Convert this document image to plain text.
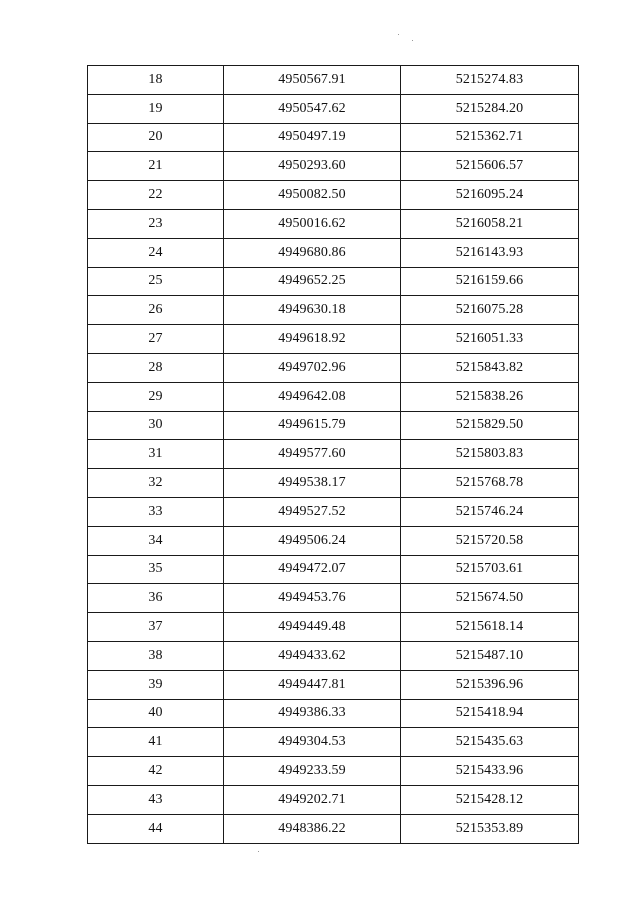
18	4950567.91	5215274.83
19	4950547.62	5215284.20
20	4950497.19	5215362.71
21	4950293.60	5215606.57
22	4950082.50	5216095.24
23	4950016.62	5216058.21
24	4949680.86	5216143.93
25	4949652.25	5216159.66
26	4949630.18	5216075.28
27	4949618.92	5216051.33
28	4949702.96	5215843.82
29	4949642.08	5215838.26
30	4949615.79	5215829.50
31	4949577.60	5215803.83
32	4949538.17	5215768.78
33	4949527.52	5215746.24
34	4949506.24	5215720.58
35	4949472.07	5215703.61
36	4949453.76	5215674.50
37	4949449.48	5215618.14
38	4949433.62	5215487.10
39	4949447.81	5215396.96
40	4949386.33	5215418.94
41	4949304.53	5215435.63
42	4949233.59	5215433.96
43	4949202.71	5215428.12
44	4948386.22	5215353.89
